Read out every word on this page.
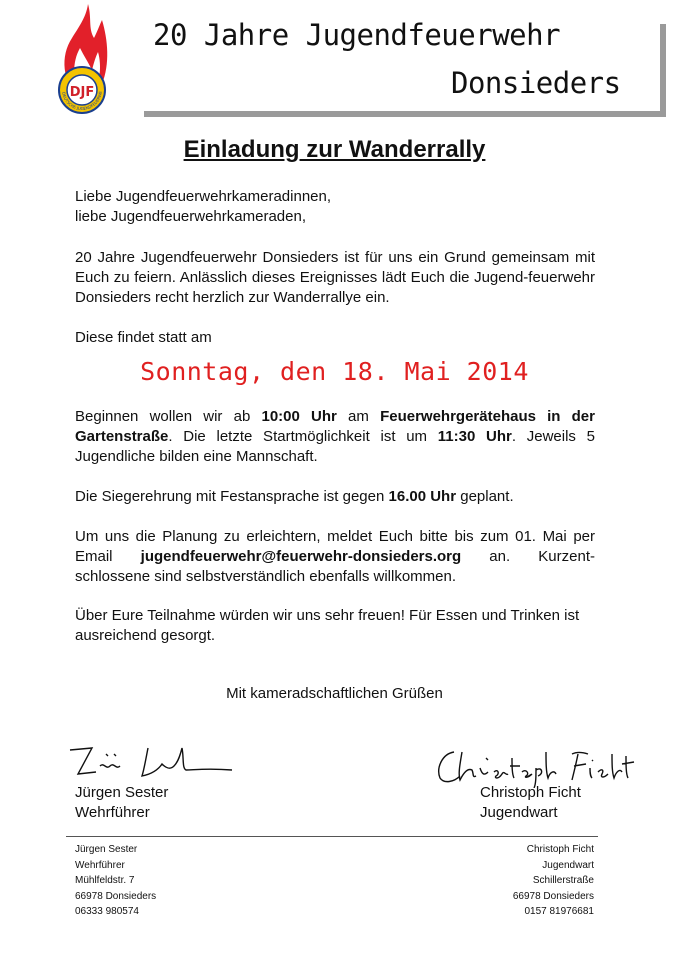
DJF
DEUTSCHE JUGENDFEUERWE
20 Jahre Jugendfeuerwehr
Donsieders
Einladung zur Wanderrally

Liebe Jugendfeuerwehrkameradinnen,
liebe Jugendfeuerwehrkameraden,

20 Jahre Jugendfeuerwehr Donsieders ist für uns ein Grund gemeinsam mit Euch zu feiern. Anlässlich dieses Ereignisses lädt Euch die Jugend-feuerwehr Donsieders recht herzlich zur Wanderrallye ein.

Diese findet statt am

Sonntag, den 18. Mai 2014

Beginnen wollen wir ab 10:00 Uhr am Feuerwehrgerätehaus in der Gartenstraße. Die letzte Startmöglichkeit ist um 11:30 Uhr. Jeweils 5 Jugendliche bilden eine Mannschaft.

Die Siegerehrung mit Festansprache ist gegen 16.00 Uhr geplant.

Um uns die Planung zu erleichtern, meldet Euch bitte bis zum 01. Mai per Email jugendfeuerwehr@feuerwehr-donsieders.org an. Kurzent-schlossene sind selbstverständlich ebenfalls willkommen.

Über Eure Teilnahme würden wir uns sehr freuen! Für Essen und Trinken ist ausreichend gesorgt.

Mit kameradschaftlichen Grüßen
Jürgen Sester
Wehrführer
Christoph Ficht
Jugendwart
Jürgen Sester
Wehrführer
Mühlfeldstr. 7
66978 Donsieders
06333 980574
Christoph Ficht
Jugendwart
Schillerstraße
66978 Donsieders
0157 81976681
